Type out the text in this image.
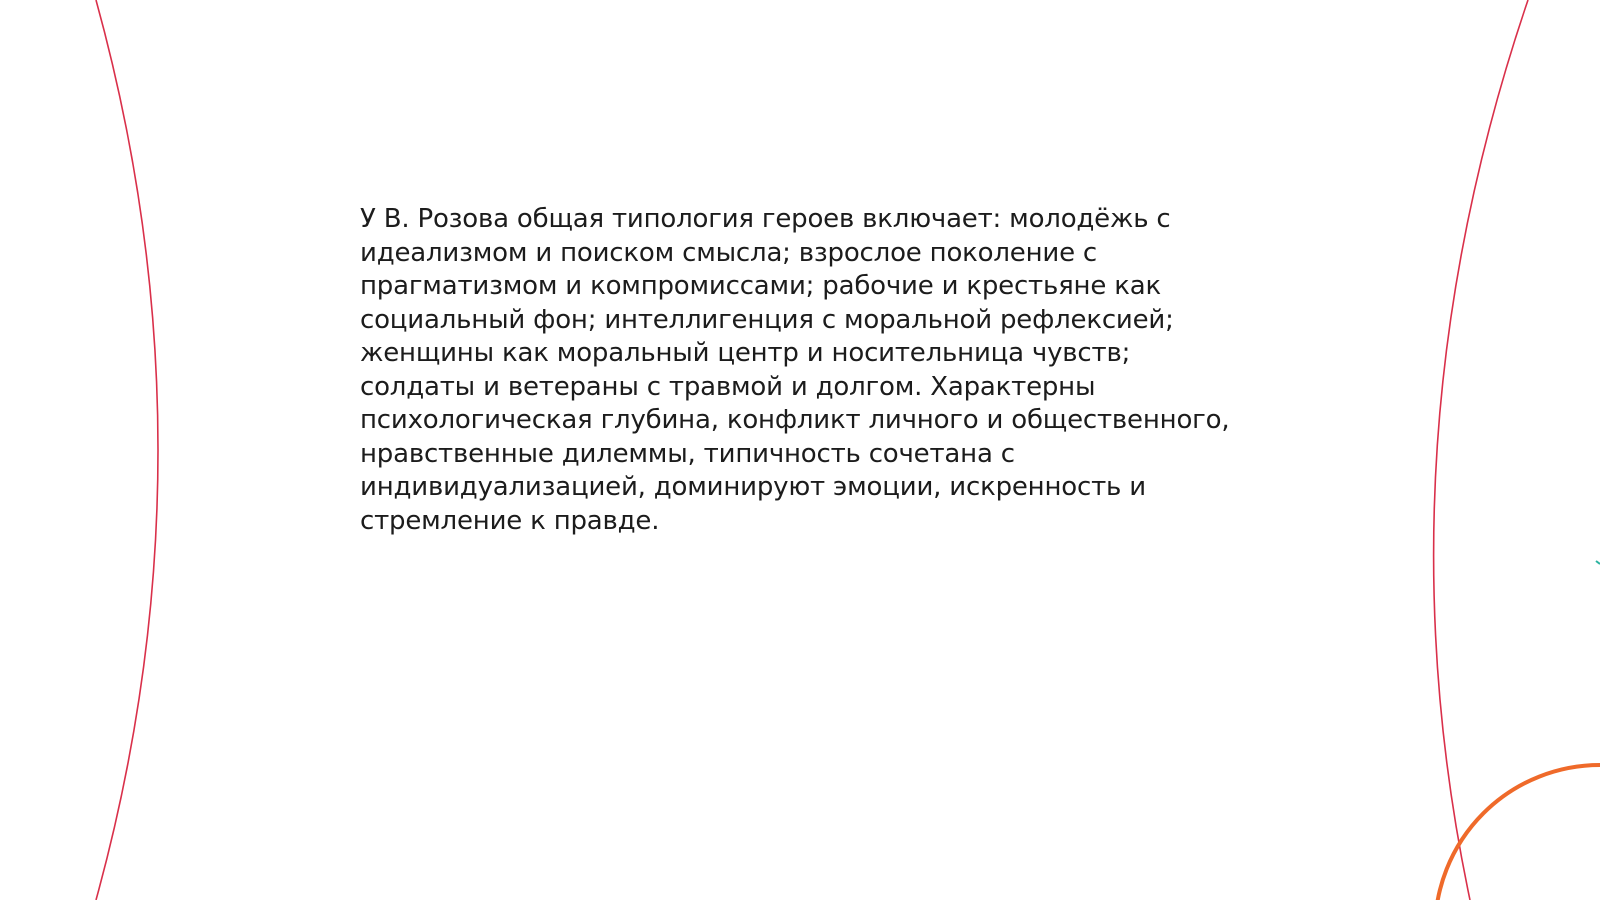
У В. Розова общая типология героев включает: молодёжь с
идеализмом и поиском смысла; взрослое поколение с
прагматизмом и компромиссами; рабочие и крестьяне как
социальный фон; интеллигенция с моральной рефлексией;
женщины как моральный центр и носительница чувств;
солдаты и ветераны с травмой и долгом. Характерны
психологическая глубина, конфликт личного и общественного,
нравственные дилеммы, типичность сочетана с
индивидуализацией, доминируют эмоции, искренность и
стремление к правде.
